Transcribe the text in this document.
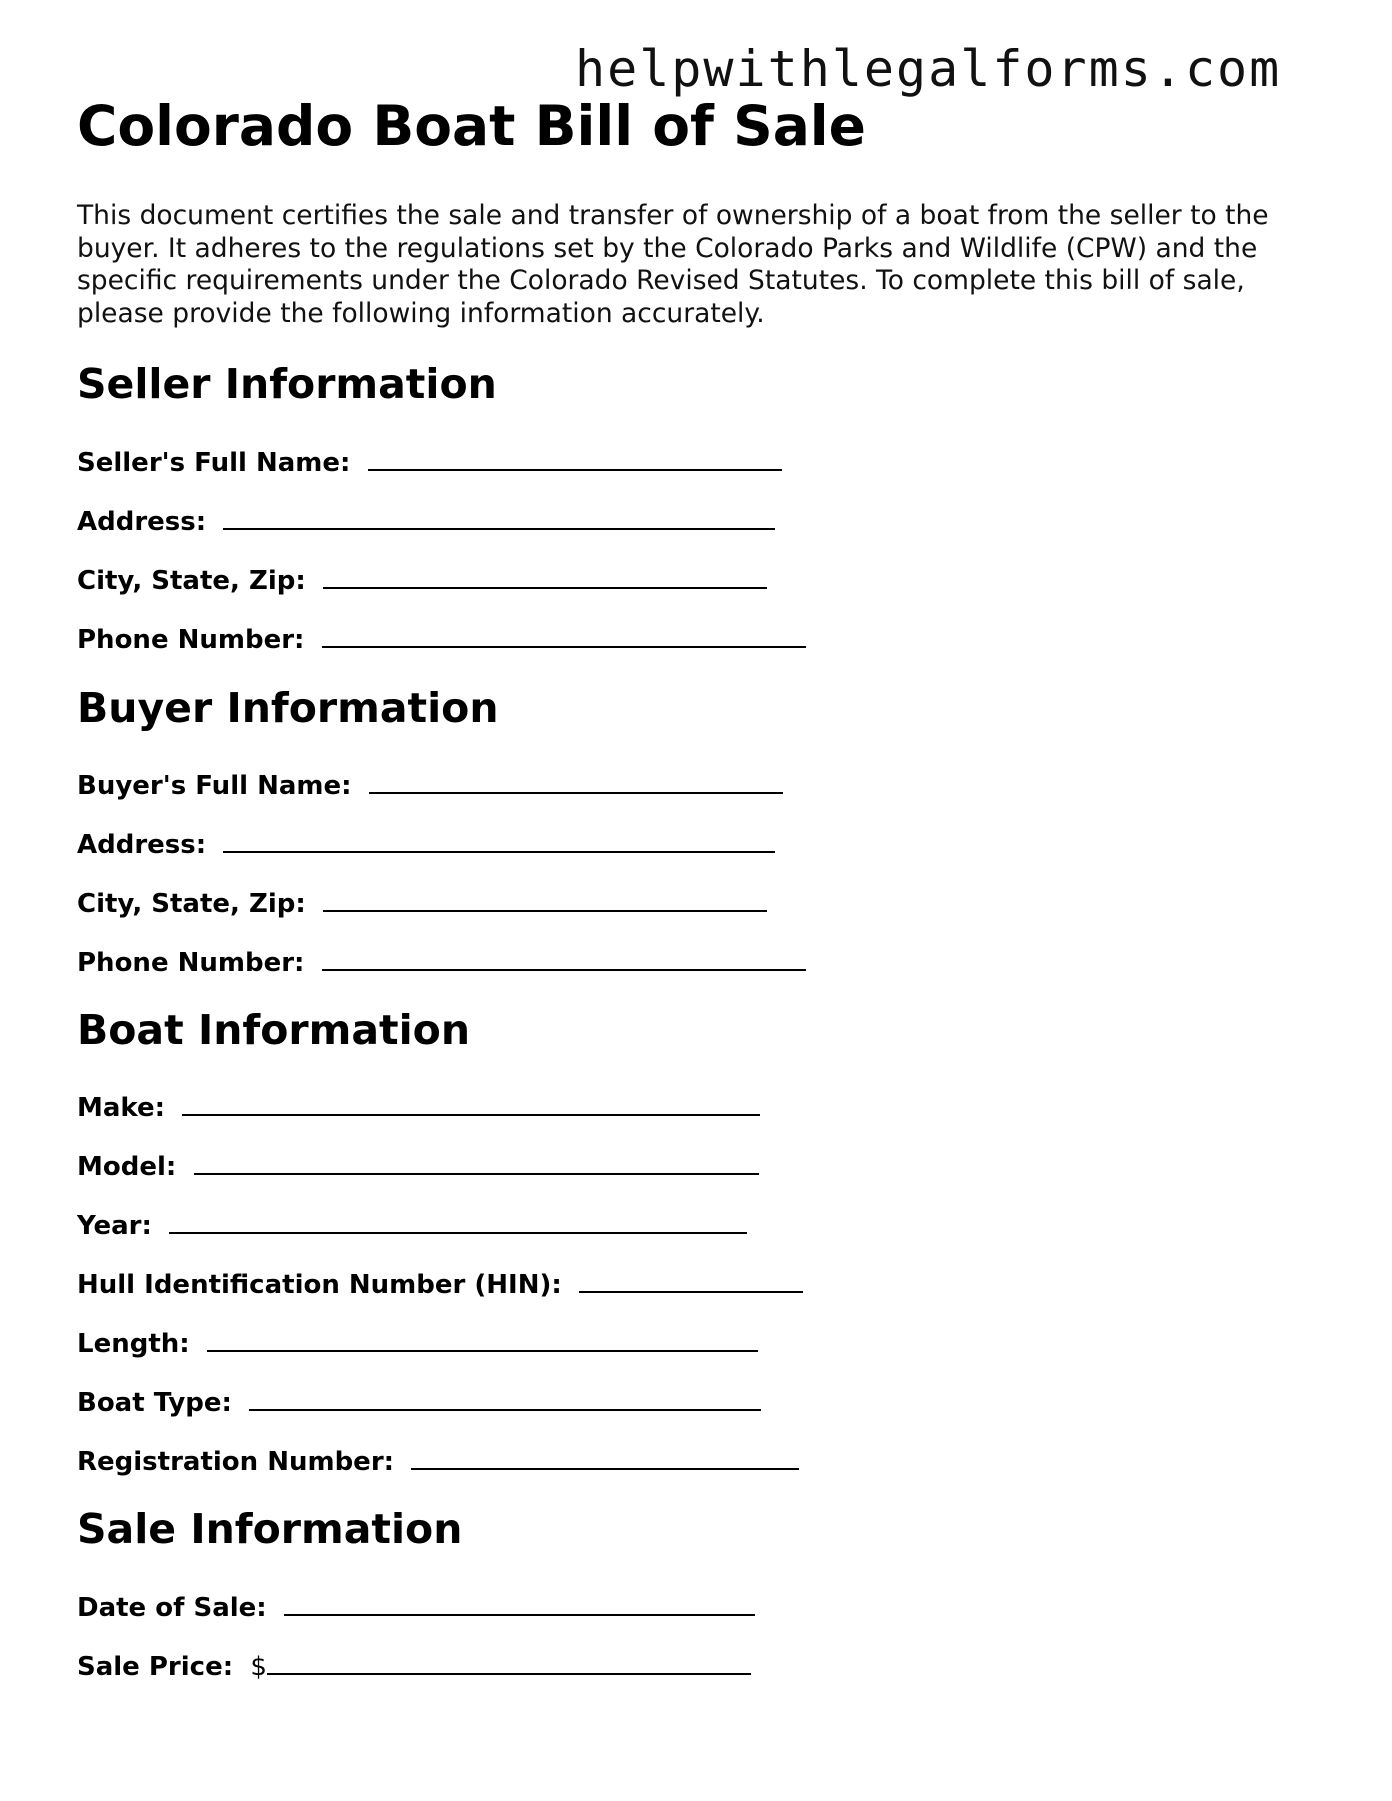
helpwithlegalforms.com
Colorado Boat Bill of Sale

This document certifies the sale and transfer of ownership of a boat from the seller to the buyer. It adheres to the regulations set by the Colorado Parks and Wildlife (CPW) and the specific requirements under the Colorado Revised Statutes. To complete this bill of sale, please provide the following information accurately.

Seller Information
Seller's Full Name:
Address:
City, State, Zip:
Phone Number:
Buyer Information
Buyer's Full Name:
Address:
City, State, Zip:
Phone Number:
Boat Information
Make:
Model:
Year:
Hull Identification Number (HIN):
Length:
Boat Type:
Registration Number:
Sale Information
Date of Sale:
Sale Price: $
